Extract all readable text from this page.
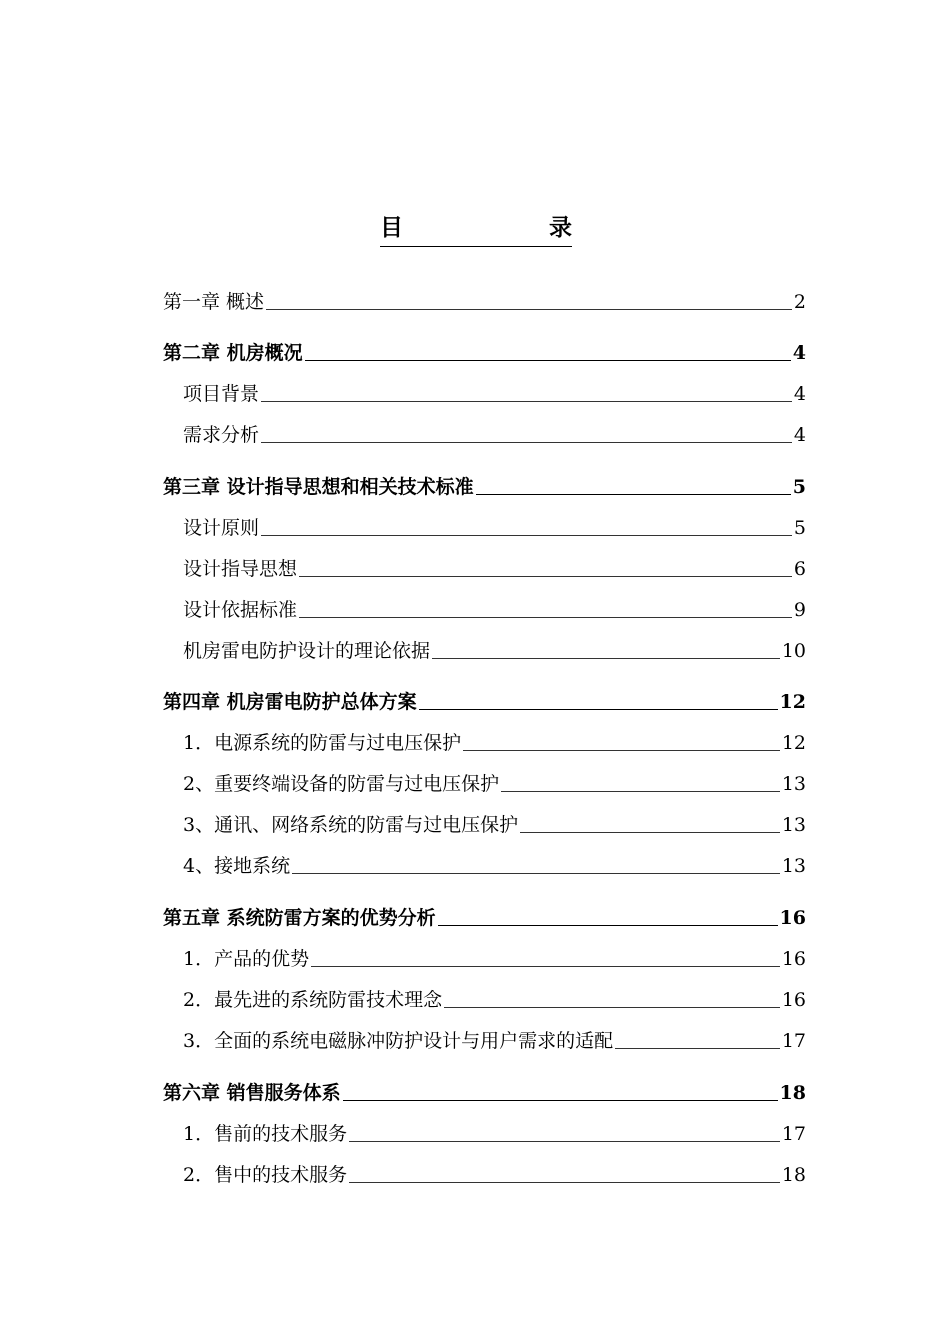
目	录
第一章 概述	2
第二章 机房概况	4
项目背景	4
需求分析	4
第三章 设计指导思想和相关技术标准	5
设计原则	5
设计指导思想	6
设计依据标准	9
机房雷电防护设计的理论依据	10
第四章 机房雷电防护总体方案	12
1．电源系统的防雷与过电压保护	12
2、重要终端设备的防雷与过电压保护	13
3、通讯、网络系统的防雷与过电压保护	13
4、接地系统	13
第五章 系统防雷方案的优势分析	16
1．产品的优势	16
2．最先进的系统防雷技术理念	16
3．全面的系统电磁脉冲防护设计与用户需求的适配	17
第六章 销售服务体系	18
1．售前的技术服务	17
2．售中的技术服务	18
